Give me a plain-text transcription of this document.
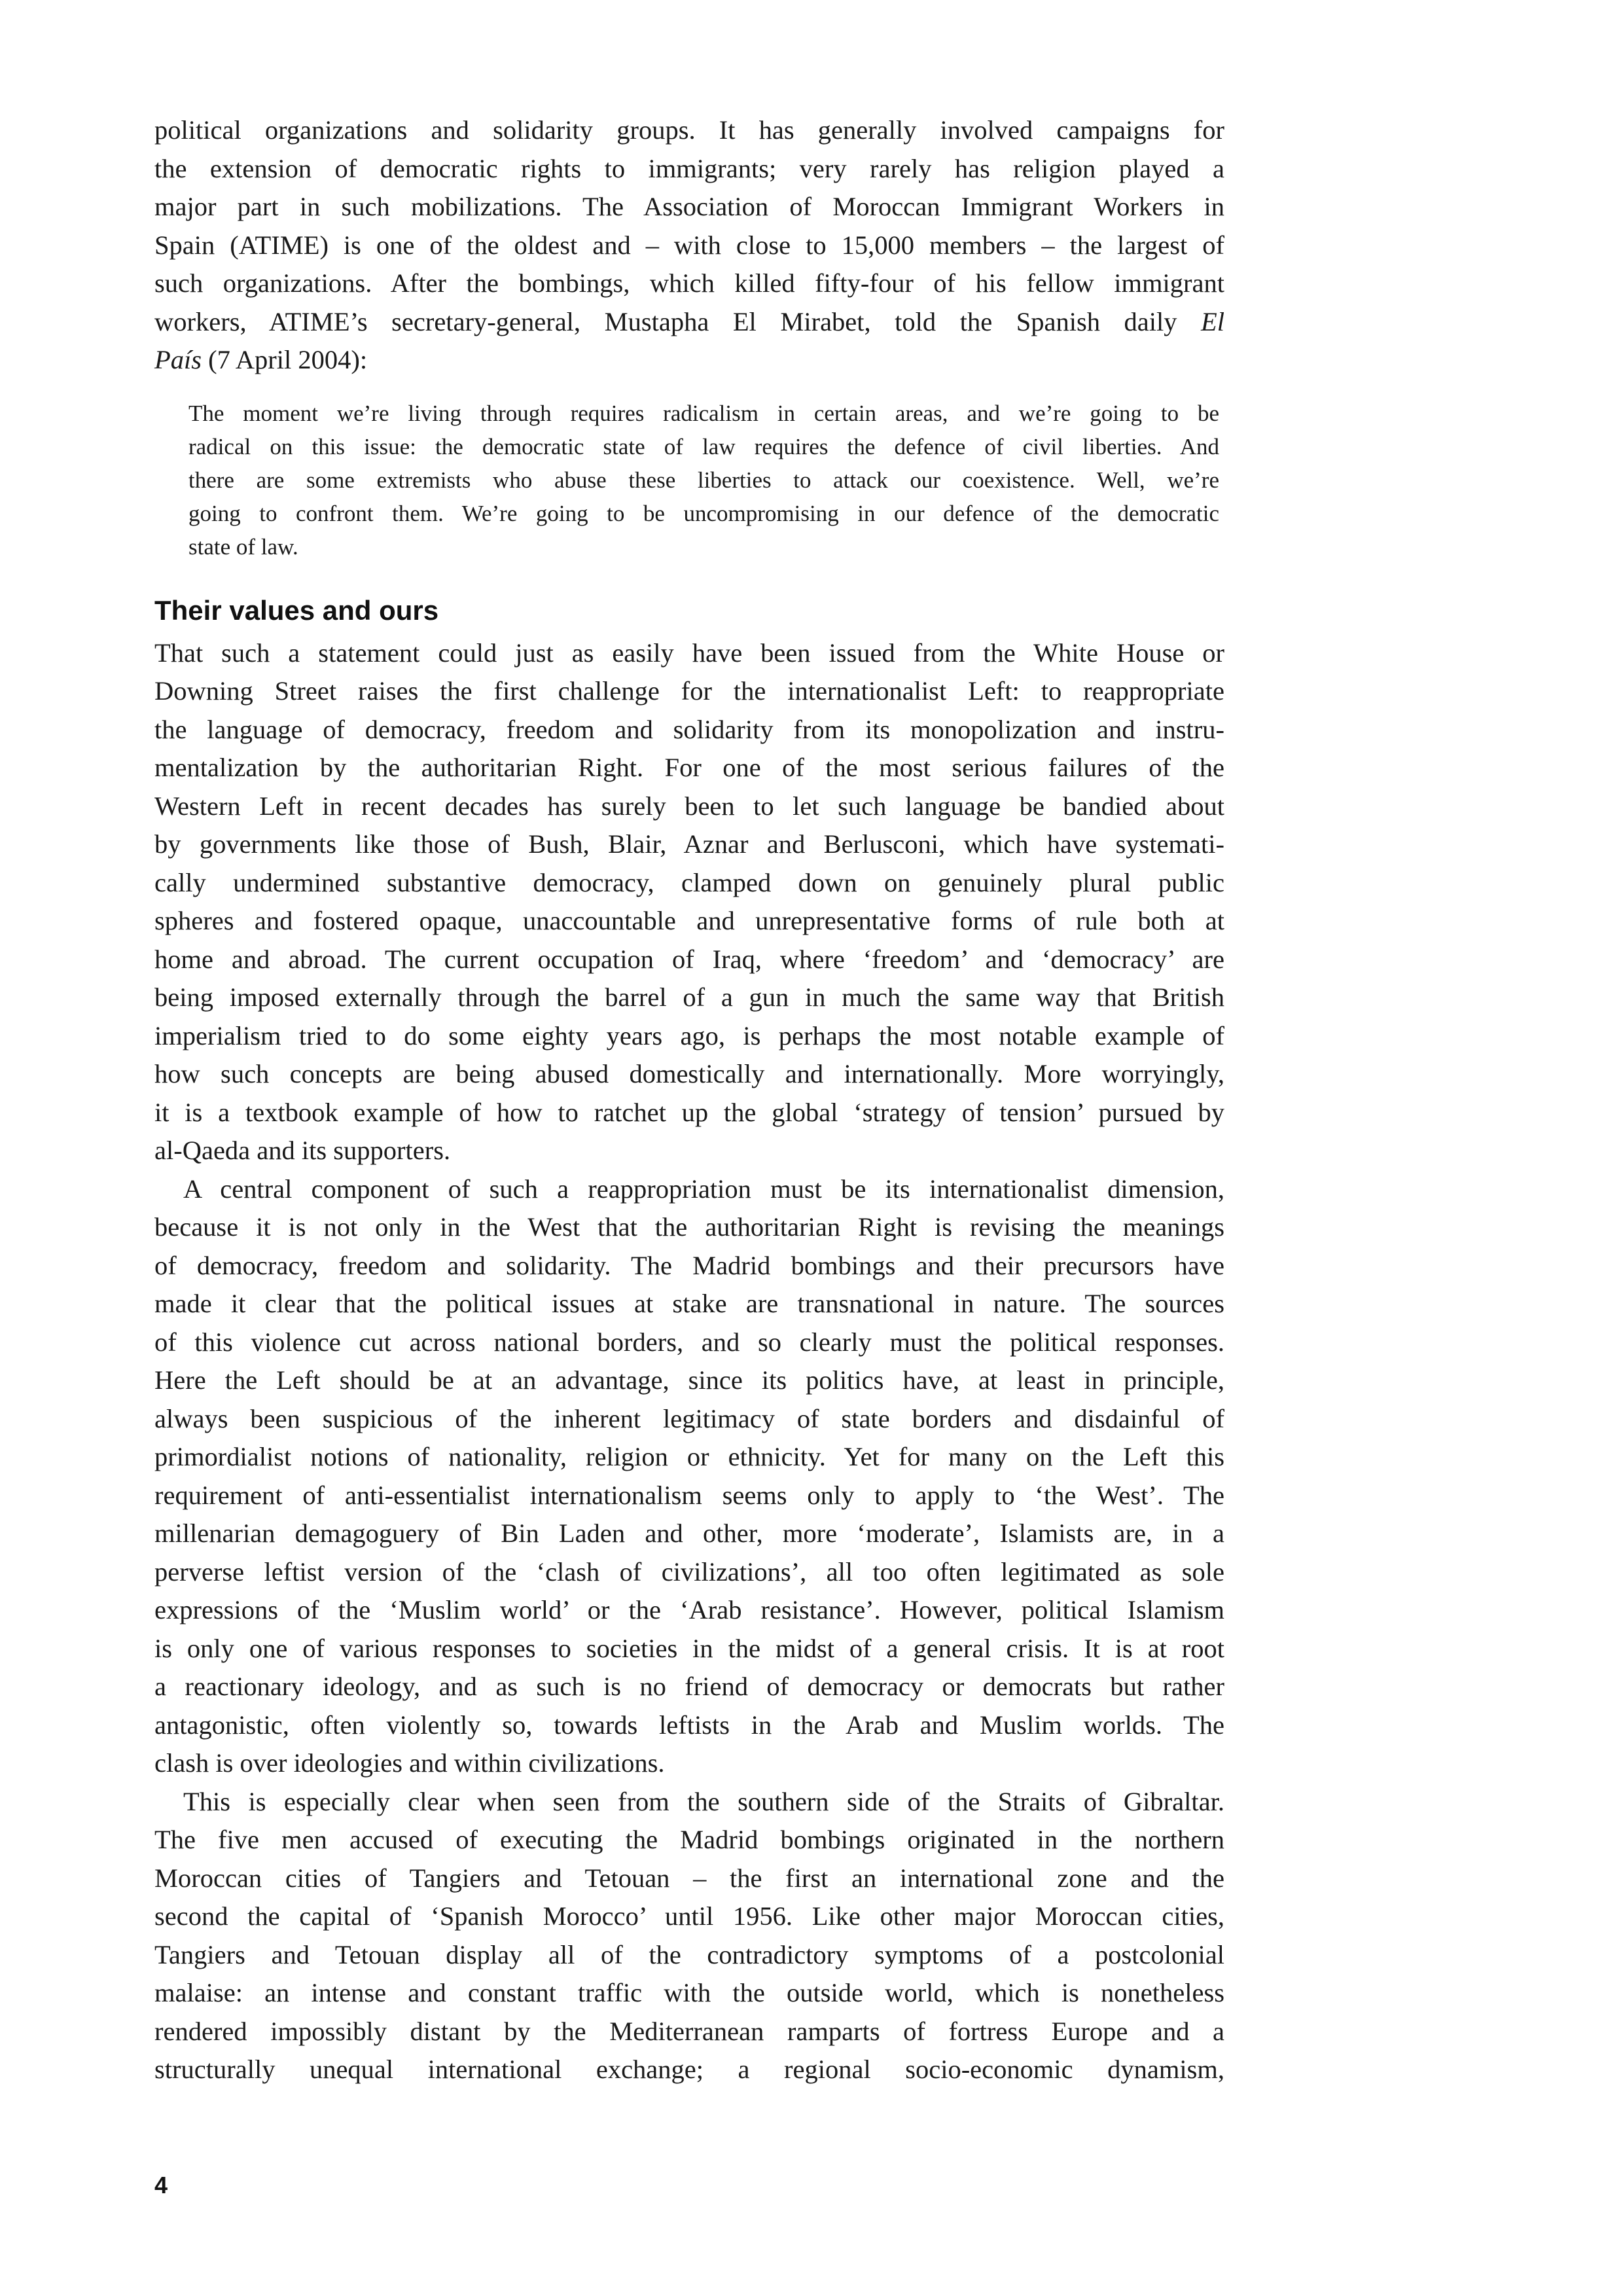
political organizations and solidarity groups. It has generally involved campaigns for
the extension of democratic rights to immigrants; very rarely has religion played a
major part in such mobilizations. The Association of Moroccan Immigrant Workers in
Spain (ATIME) is one of the oldest and – with close to 15,000 members – the largest of
such organizations. After the bombings, which killed fifty-four of his fellow immigrant
workers, ATIME’s secretary-general, Mustapha El Mirabet, told the Spanish daily El
País (7 April 2004):
The moment we’re living through requires radicalism in certain areas, and we’re going to be
radical on this issue: the democratic state of law requires the defence of civil liberties. And
there are some extremists who abuse these liberties to attack our coexistence. Well, we’re
going to confront them. We’re going to be uncompromising in our defence of the democratic
state of law.
Their values and ours
That such a statement could just as easily have been issued from the White House or
Downing Street raises the first challenge for the internationalist Left: to reappropriate
the language of democracy, freedom and solidarity from its monopolization and instru-
mentalization by the authoritarian Right. For one of the most serious failures of the
Western Left in recent decades has surely been to let such language be bandied about
by governments like those of Bush, Blair, Aznar and Berlusconi, which have systemati-
cally undermined substantive democracy, clamped down on genuinely plural public
spheres and fostered opaque, unaccountable and unrepresentative forms of rule both at
home and abroad. The current occupation of Iraq, where ‘freedom’ and ‘democracy’ are
being imposed externally through the barrel of a gun in much the same way that British
imperialism tried to do some eighty years ago, is perhaps the most notable example of
how such concepts are being abused domestically and internationally. More worryingly,
it is a textbook example of how to ratchet up the global ‘strategy of tension’ pursued by
al-Qaeda and its supporters.
A central component of such a reappropriation must be its internationalist dimension,
because it is not only in the West that the authoritarian Right is revising the meanings
of democracy, freedom and solidarity. The Madrid bombings and their precursors have
made it clear that the political issues at stake are transnational in nature. The sources
of this violence cut across national borders, and so clearly must the political responses.
Here the Left should be at an advantage, since its politics have, at least in principle,
always been suspicious of the inherent legitimacy of state borders and disdainful of
primordialist notions of nationality, religion or ethnicity. Yet for many on the Left this
requirement of anti-essentialist internationalism seems only to apply to ‘the West’. The
millenarian demagoguery of Bin Laden and other, more ‘moderate’, Islamists are, in a
perverse leftist version of the ‘clash of civilizations’, all too often legitimated as sole
expressions of the ‘Muslim world’ or the ‘Arab resistance’. However, political Islamism
is only one of various responses to societies in the midst of a general crisis. It is at root
a reactionary ideology, and as such is no friend of democracy or democrats but rather
antagonistic, often violently so, towards leftists in the Arab and Muslim worlds. The
clash is over ideologies and within civilizations.
This is especially clear when seen from the southern side of the Straits of Gibraltar.
The five men accused of executing the Madrid bombings originated in the northern
Moroccan cities of Tangiers and Tetouan – the first an international zone and the
second the capital of ‘Spanish Morocco’ until 1956. Like other major Moroccan cities,
Tangiers and Tetouan display all of the contradictory symptoms of a postcolonial
malaise: an intense and constant traffic with the outside world, which is nonetheless
rendered impossibly distant by the Mediterranean ramparts of fortress Europe and a
structurally unequal international exchange; a regional socio-economic dynamism,
4
